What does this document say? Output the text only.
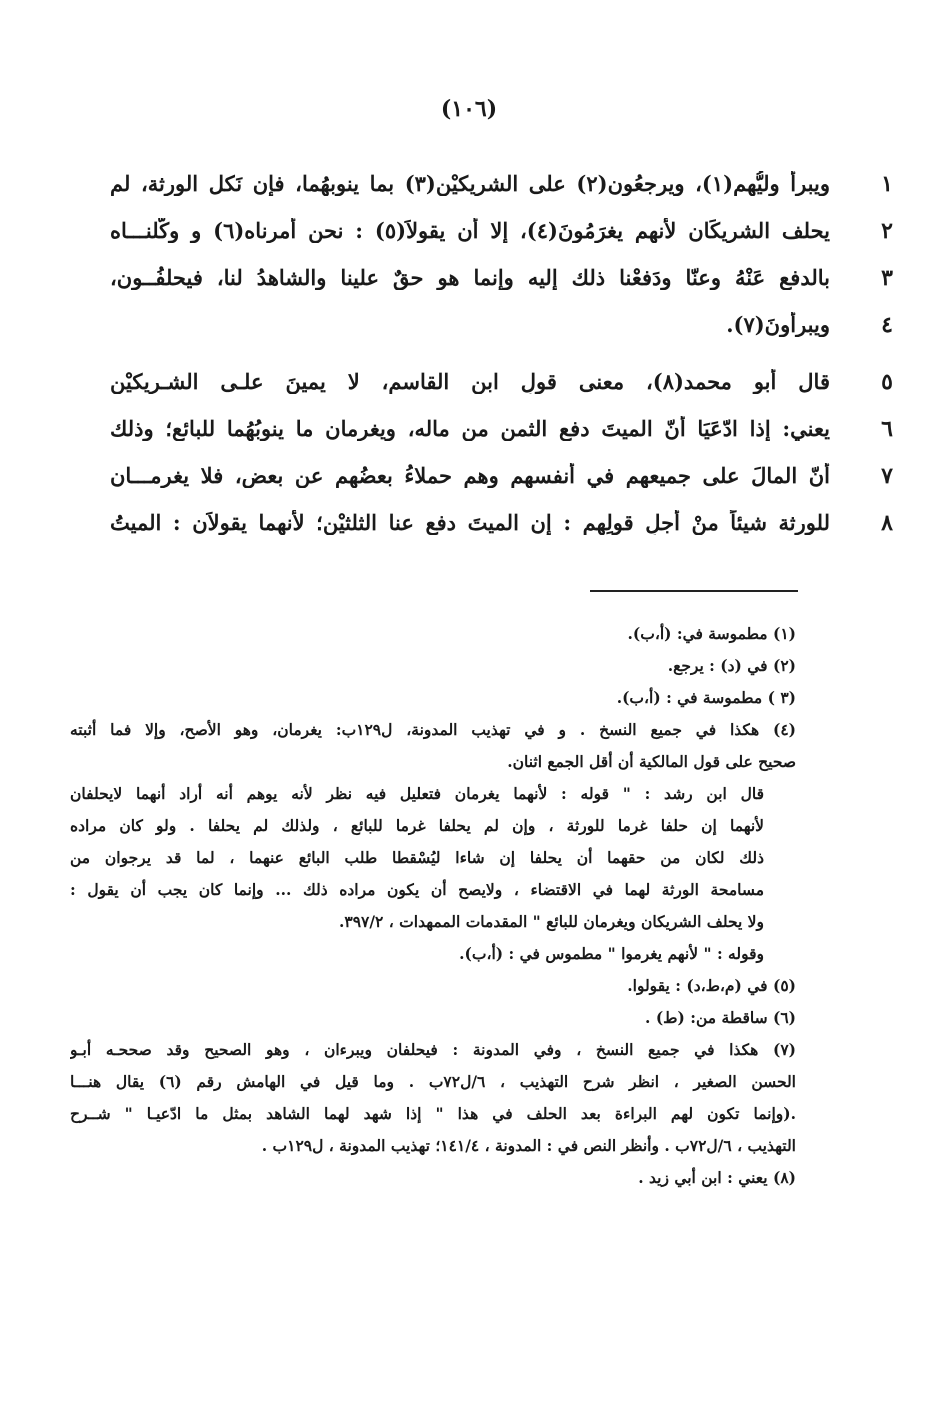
(١٠٦)
١
ويبرأ وليُّهم(١)، ويرجعُون(٢) على الشريكيْن(٣) بما ينوبهُما، فإن نَكل الورثة، لم
٢
يحلف الشريكَان لأنهم يغرَمُونَ(٤)، إلا أن يقولاَ(٥) : نحن أمرناه(٦) و وكّلنـــاه
٣
بالدفع عَنْهُ وعنّا ودَفعْنا ذلك إليه وإنما هو حقٌ علينا والشاهدُ لنا، فيحلفُــون،
٤
ويبرأُونَ(٧).
٥
قال أبو محمد(٨)، معنى قولِ ابنِ القاسم، لا يمينَ علـى الشـريكيْن
٦
يعني: إذا ادّعَيَا أنّ الميتَ دفع الثمن من ماله، ويغرمان ما ينوبُهُما للبائع؛ وذلك
٧
أنّ المالَ على جميعهم في أنفسهم وهم حملاءُ بعضُهم عن بعضٍ، فلا يغرمـــان
٨
للورثة شيئاً منْ أجلِ قولِهم : إن الميتَ دفع عنا الثلثيْن؛ لأنهما يقولاَن : الميتُ
(١) مطموسة في: (أ،ب).
(٢) في (د) : يرجع.
(٣ ) مطموسة في : (أ،ب).
(٤) هكذا في جميع النسخ . و في تهذيب المدونة، ل١٢٩ب: يغرمان، وهو الأصح، وإلا فما أثبته
صحيح على قول المالكية أن أقل الجمع اثنان.
قال ابن رشد : " قوله : لأنهما يغرمان فتعليل فيه نظر لأنه يوهم أنه أراد أنهما لايحلفان
لأنهما إن حلفا غرما للورثة ، وإن لم يحلفا غرما للبائع ، ولذلك لم يحلفا . ولو كان مراده
ذلك لكان من حقهما أن يحلفا إن شاءا ليُسْقطا طلب البائع عنهما ، لما قد يرجوان من
مسامحة الورثة لهما في الاقتضاء ، ولايصح أن يكون مراده ذلك ... وإنما كان يجب أن يقول :
ولا يحلف الشريكان ويغرمان للبائع " المقدمات الممهدات ، ٣٩٧/٢.
وقوله : " لأنهم يغرموا " مطموس في : (أ،ب).
(٥) في (م،ط،د) : يقولوا.
(٦) ساقطة من: (ط) .
(٧) هكذا في جميع النسخ ، وفي المدونة : فيحلفان ويبرءان ، وهو الصحيح وقد صححـه أبـو
الحسن الصغير ، انظر شرح التهذيب ، ٦/ل٧٢ب . وما قيل في الهامش رقم (٦) يقال هنـــا
.(وإنما تكون لهم البراءة بعد الحلف في هذا " إذا شهد لهما الشاهد بمثل ما ادّعيـا " شــرح
التهذيب ، ٦/ل٧٢ب . وأنظر النص في : المدونة ، ١٤١/٤؛ تهذيب المدونة ، ل١٢٩ب .
(٨) يعني : ابن أبي زيد .
